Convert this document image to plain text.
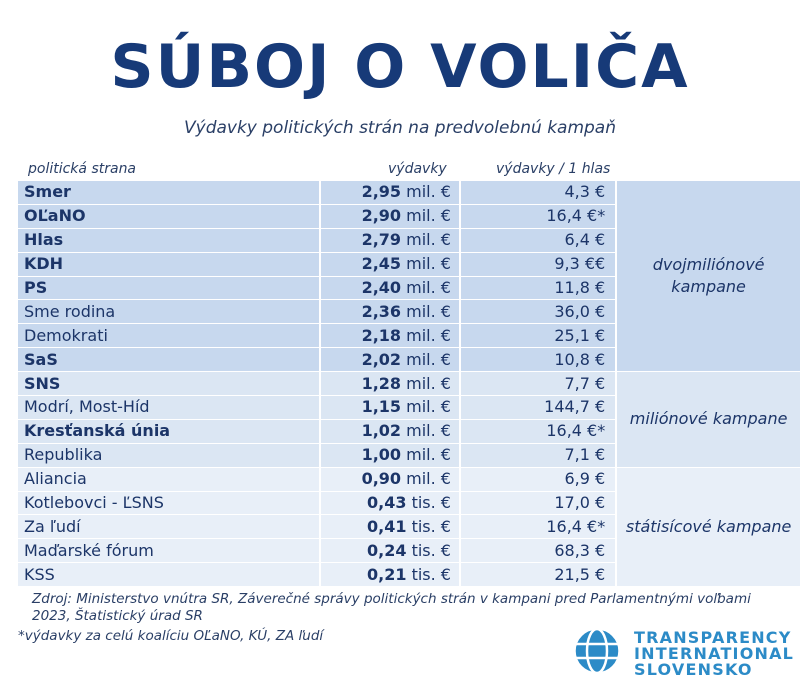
SÚBOJ O VOLIČA
Výdavky politických strán na predvolebnú kampaň
politická strana	výdavky	výdavky / 1 hlas
Smer	2,95 mil. €	4,3 €	dvojmiliónové kampane
OĽaNO	2,90 mil. €	16,4 €*	
Hlas	2,79 mil. €	6,4 €	
KDH	2,45 mil. €	9,3 €€	
PS	2,40 mil. €	11,8 €	
Sme rodina	2,36 mil. €	36,0 €	
Demokrati	2,18 mil. €	25,1 €	
SaS	2,02 mil. €	10,8 €	
SNS	1,28 mil. €	7,7 €	miliónové kampane
Modrí, Most-Híd	1,15 mil. €	144,7 €	
Kresťanská únia	1,02 mil. €	16,4 €*	
Republika	1,00 mil. €	7,1 €	
Aliancia	0,90 mil. €	6,9 €	státisícové kampane
Kotlebovci - ĽSNS	0,43 tis. €	17,0 €	
Za ľudí	0,41 tis. €	16,4 €*	
Maďarské fórum	0,24 tis. €	68,3 €	
KSS	0,21 tis. €	21,5 €	
Zdroj: Ministerstvo vnútra SR, Záverečné správy politických strán v kampani pred Parlamentnými voľbami 2023, Štatistický úrad SR
*výdavky za celú koalíciu OĽaNO, KÚ, ZA ľudí	TRANSPARENCY
INTERNATIONAL
SLOVENSKO
